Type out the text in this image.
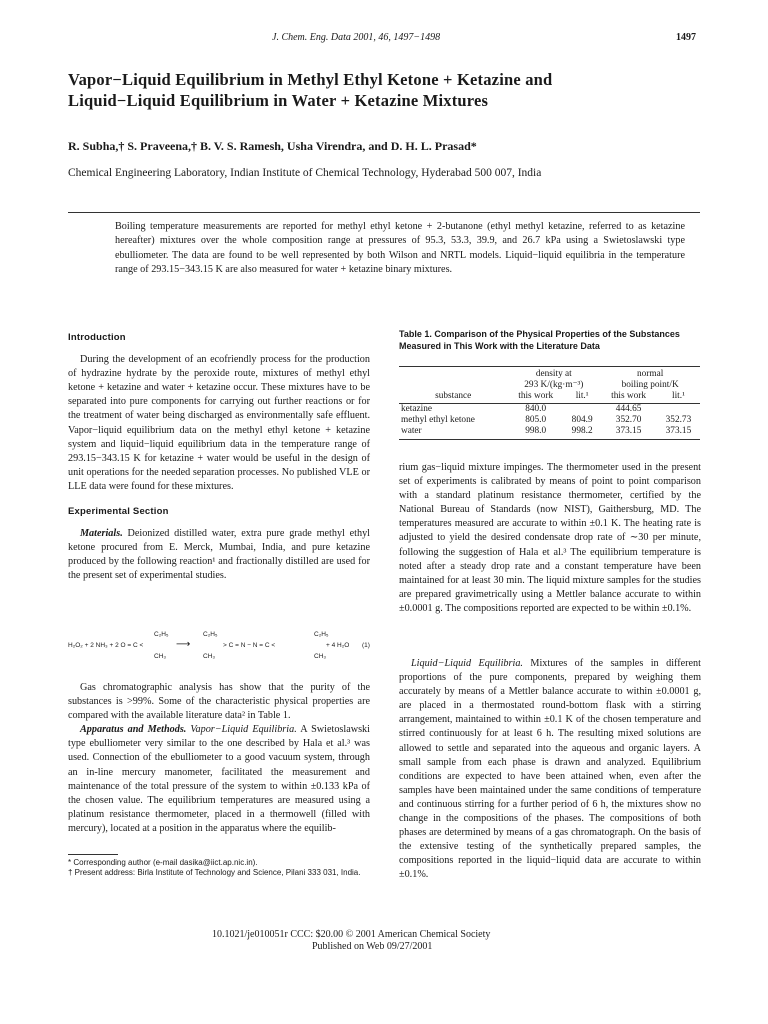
J. Chem. Eng. Data 2001, 46, 1497−1498	1497
Vapor−Liquid Equilibrium in Methyl Ethyl Ketone + Ketazine and
Liquid−Liquid Equilibrium in Water + Ketazine Mixtures
R. Subha,† S. Praveena,† B. V. S. Ramesh, Usha Virendra, and D. H. L. Prasad*
Chemical Engineering Laboratory, Indian Institute of Chemical Technology, Hyderabad 500 007, India
Boiling temperature measurements are reported for methyl ethyl ketone + 2-butanone (ethyl methyl ketazine, referred to as ketazine hereafter) mixtures over the whole composition range at pressures of 95.3, 53.3, 39.9, and 26.7 kPa using a Swietoslawski type ebulliometer. The data are found to be well represented by both Wilson and NRTL models. Liquid−liquid equilibria in the temperature range of 293.15−343.15 K are also measured for water + ketazine binary mixtures.
Introduction

During the development of an ecofriendly process for the production of hydrazine hydrate by the peroxide route, mixtures of methyl ethyl ketone + ketazine and water + ketazine occur. These mixtures have to be separated into pure components for carrying out further reactions or for the treatment of water being discharged as environmentally safe effluent. Vapor−liquid equilibrium data on the methyl ethyl ketone + ketazine system and liquid−liquid equilibrium data in the temperature range of 293.15−343.15 K for ketazine + water would be useful in the design of unit operations for the needed separation processes. No published VLE or LLE data were found for these mixtures.

Experimental Section

Materials. Deionized distilled water, extra pure grade methyl ethyl ketone procured from E. Merck, Mumbai, India, and pure ketazine produced by the following reaction¹ and fractionally distilled are used for the present set of experimental studies.

H₂O₂ + 2 NH₃ + 2 O = C <
C₂H₅
CH₃
⟶
C₂H₅
CH₃
> C = N − N = C <
C₂H₅
CH₃
+ 4 H₂O (1)

Gas chromatographic analysis has show that the purity of the substances is >99%. Some of the characteristic physical properties are compared with the available literature data² in Table 1.

Apparatus and Methods. Vapor−Liquid Equilibria. A Swietoslawski type ebulliometer very similar to the one described by Hala et al.³ was used. Connection of the ebulliometer to a good vacuum system, through an in-line mercury manometer, facilitated the measurement and maintenance of the total pressure of the system to within ±0.133 kPa of the chosen value. The equilibrium temperatures are measured using a platinum resistance thermometer, placed in a thermowell (filled with mercury), located at a position in the apparatus where the equilib-

* Corresponding author (e-mail dasika@iict.ap.nic.in).
† Present address: Birla Institute of Technology and Science, Pilani 333 031, India.
Table 1. Comparison of the Physical Properties of the Substances Measured in This Work with the Literature Data
	density at		normal	
	293 K/(kg·m⁻³)		boiling point/K	
substance	this work	lit.¹	this work	lit.¹
ketazine	840.0		444.65	
methyl ethyl ketone	805.0	804.9	352.70	352.73
water	998.0	998.2	373.15	373.15

rium gas−liquid mixture impinges. The thermometer used in the present set of experiments is calibrated by means of point to point comparison with a standard platinum resistance thermometer, certified by the National Bureau of Standards (now NIST), Gaithersburg, MD. The temperatures measured are accurate to within ±0.1 K. The heating rate is adjusted to yield the desired condensate drop rate of ∼30 per minute, following the suggestion of Hala et al.³ The equilibrium temperature is noted after a steady drop rate and a constant temperature have been maintained for at least 30 min. The liquid mixture samples for the studies are prepared gravimetrically using a Mettler balance accurate to within ±0.0001 g. The compositions reported are expected to be within ±0.1%.

Liquid−Liquid Equilibria. Mixtures of the samples in different proportions of the pure components, prepared by weighing them accurately by means of a Mettler balance accurate to within ±0.0001 g, are placed in a thermostated round-bottom flask with a stirring arrangement, maintained to within ±0.1 K of the chosen temperature and stirred continuously for at least 6 h. The resulting mixed solutions are allowed to settle and separated into the aqueous and organic layers. A small sample from each phase is drawn and analyzed. Equilibrium conditions are expected to have been attained when, even after the samples have been maintained under the same conditions of temperature and continuous stirring for a further period of 6 h, the mixtures show no change in the compositions of the phases. The compositions of both phases are determined by means of a gas chromatograph. On the basis of the extensive testing of the synthetically prepared samples, the compositions reported in the liquid−liquid data are accurate to within ±0.1%.

10.1021/je010051r CCC: $20.00 © 2001 American Chemical Society
Published on Web 09/27/2001
